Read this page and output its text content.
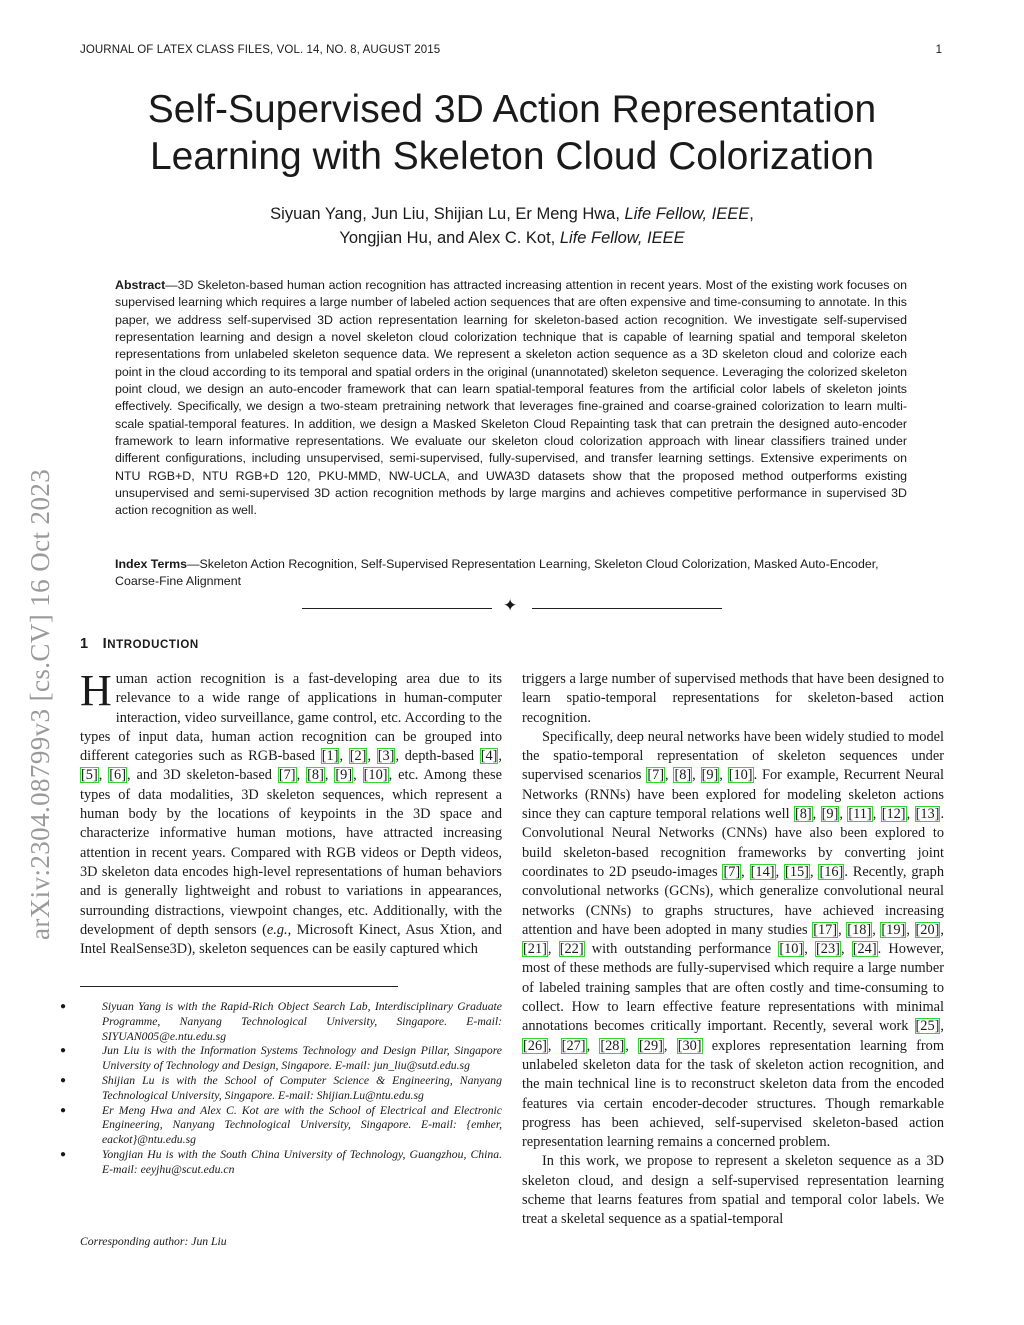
JOURNAL OF LATEX CLASS FILES, VOL. 14, NO. 8, AUGUST 2015	1
arXiv:2304.08799v3 [cs.CV] 16 Oct 2023
Self-Supervised 3D Action Representation
Learning with Skeleton Cloud Colorization
Siyuan Yang, Jun Liu, Shijian Lu, Er Meng Hwa, Life Fellow, IEEE,
Yongjian Hu, and Alex C. Kot, Life Fellow, IEEE

Abstract—3D Skeleton-based human action recognition has attracted increasing attention in recent years. Most of the existing work focuses on supervised learning which requires a large number of labeled action sequences that are often expensive and time-consuming to annotate. In this paper, we address self-supervised 3D action representation learning for skeleton-based action recognition. We investigate self-supervised representation learning and design a novel skeleton cloud colorization technique that is capable of learning spatial and temporal skeleton representations from unlabeled skeleton sequence data. We represent a skeleton action sequence as a 3D skeleton cloud and colorize each point in the cloud according to its temporal and spatial orders in the original (unannotated) skeleton sequence. Leveraging the colorized skeleton point cloud, we design an auto-encoder framework that can learn spatial-temporal features from the artificial color labels of skeleton joints effectively. Specifically, we design a two-steam pretraining network that leverages fine-grained and coarse-grained colorization to learn multi-scale spatial-temporal features. In addition, we design a Masked Skeleton Cloud Repainting task that can pretrain the designed auto-encoder framework to learn informative representations. We evaluate our skeleton cloud colorization approach with linear classifiers trained under different configurations, including unsupervised, semi-supervised, fully-supervised, and transfer learning settings. Extensive experiments on NTU RGB+D, NTU RGB+D 120, PKU-MMD, NW-UCLA, and UWA3D datasets show that the proposed method outperforms existing unsupervised and semi-supervised 3D action recognition methods by large margins and achieves competitive performance in supervised 3D action recognition as well.

Index Terms—Skeleton Action Recognition, Self-Supervised Representation Learning, Skeleton Cloud Colorization, Masked Auto-Encoder, Coarse-Fine Alignment

✦
1 INTRODUCTION

Human action recognition is a fast-developing area due to its relevance to a wide range of applications in human-computer interaction, video surveillance, game control, etc. According to the types of input data, human action recognition can be grouped into different categories such as RGB-based [1], [2], [3], depth-based [4], [5], [6], and 3D skeleton-based [7], [8], [9], [10], etc. Among these types of data modalities, 3D skeleton sequences, which represent a human body by the locations of keypoints in the 3D space and characterize informative human motions, have attracted increasing attention in recent years. Compared with RGB videos or Depth videos, 3D skeleton data encodes high-level representations of human behaviors and is generally lightweight and robust to variations in appearances, surrounding distractions, viewpoint changes, etc. Additionally, with the development of depth sensors (e.g., Microsoft Kinect, Asus Xtion, and Intel RealSense3D), skeleton sequences can be easily captured which

triggers a large number of supervised methods that have been designed to learn spatio-temporal representations for skeleton-based action recognition.

Specifically, deep neural networks have been widely studied to model the spatio-temporal representation of skeleton sequences under supervised scenarios [7], [8], [9], [10]. For example, Recurrent Neural Networks (RNNs) have been explored for modeling skeleton actions since they can capture temporal relations well [8], [9], [11], [12], [13]. Convolutional Neural Networks (CNNs) have also been explored to build skeleton-based recognition frameworks by converting joint coordinates to 2D pseudo-images [7], [14], [15], [16]. Recently, graph convolutional networks (GCNs), which generalize convolutional neural networks (CNNs) to graphs structures, have achieved increasing attention and have been adopted in many studies [17], [18], [19], [20], [21], [22] with outstanding performance [10], [23], [24]. However, most of these methods are fully-supervised which require a large number of labeled training samples that are often costly and time-consuming to collect. How to learn effective feature representations with minimal annotations becomes critically important. Recently, several work [25], [26], [27], [28], [29], [30] explores representation learning from unlabeled skeleton data for the task of skeleton action recognition, and the main technical line is to reconstruct skeleton data from the encoded features via certain encoder-decoder structures. Though remarkable progress has been achieved, self-supervised skeleton-based action representation learning remains a concerned problem.

In this work, we propose to represent a skeleton sequence as a 3D skeleton cloud, and design a self-supervised representation learning scheme that learns features from spatial and temporal color labels. We treat a skeletal sequence as a spatial-temporal

●	Siyuan Yang is with the Rapid-Rich Object Search Lab, Interdisciplinary Graduate Programme, Nanyang Technological University, Singapore. E-mail: SIYUAN005@e.ntu.edu.sg
●	Jun Liu is with the Information Systems Technology and Design Pillar, Singapore University of Technology and Design, Singapore. E-mail: jun_liu@sutd.edu.sg
●	Shijian Lu is with the School of Computer Science & Engineering, Nanyang Technological University, Singapore. E-mail: Shijian.Lu@ntu.edu.sg
●	Er Meng Hwa and Alex C. Kot are with the School of Electrical and Electronic Engineering, Nanyang Technological University, Singapore. E-mail: {emher, eackot}@ntu.edu.sg
●	Yongjian Hu is with the South China University of Technology, Guangzhou, China. E-mail: eeyjhu@scut.edu.cn
Corresponding author: Jun Liu
